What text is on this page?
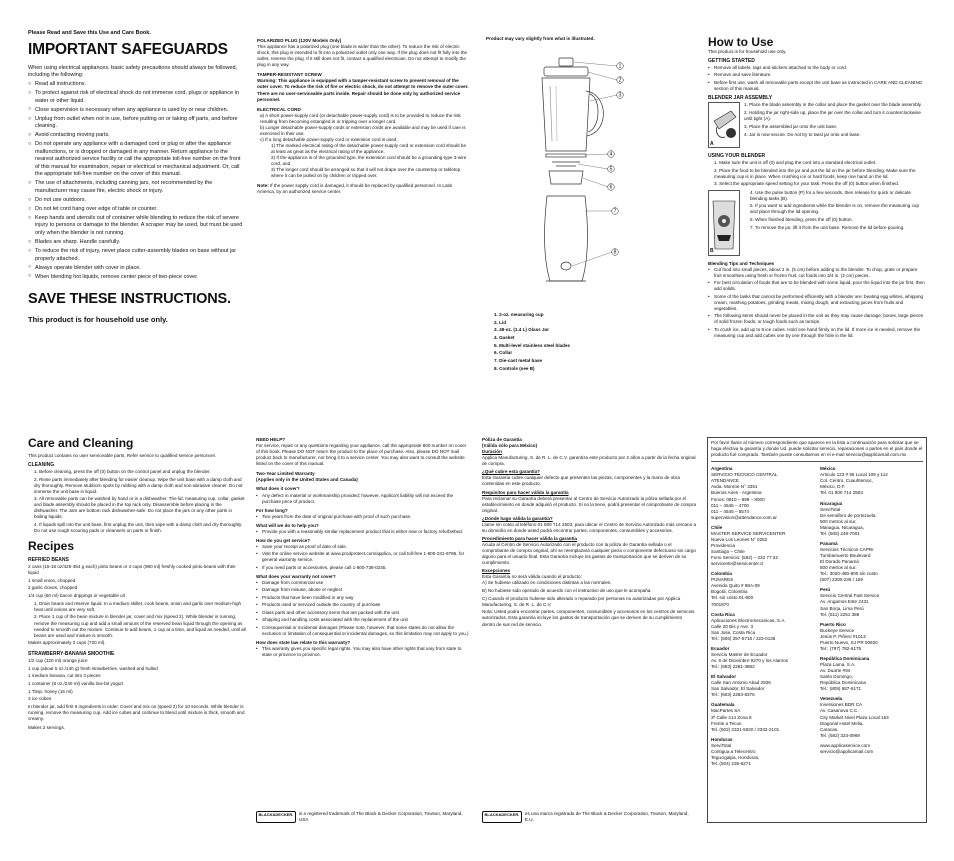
Please Read and Save this Use and Care Book.
IMPORTANT SAFEGUARDS
When using electrical appliances, basic safety precautions should always be followed, including the following:
○ Read all instructions.
○ To protect against risk of electrical shock do not immerse cord, plugs or appliance in water or other liquid.
○ Close supervision is necessary when any appliance is used by or near children.
○ Unplug from outlet when not in use, before putting on or taking off parts, and before cleaning.
○ Avoid contacting moving parts.
○ Do not operate any appliance with a damaged cord or plug or after the appliance malfunctions, or is dropped or damaged in any manner. Return appliance to the nearest authorized service facility or call the appropriate toll-free number on the front of this manual for examination, repair or electrical or mechanical adjustment. Or, call the appropriate toll-free number on the cover of this manual.
○ The use of attachments, including canning jars, not recommended by the manufacturer may cause fire, electric shock or injury.
○ Do not use outdoors.
○ Do not let cord hang over edge of table or counter.
○ Keep hands and utensils out of container while blending to reduce the risk of severe injury to persons or damage to the blender. A scraper may be used, but must be used only when the blender is not running.
○ Blades are sharp. Handle carefully.
○ To reduce the risk of injury, never place cutter-assembly blades on base without jar properly attached.
○ Always operate blender with cover in place.
○ When blending hot liquids, remove center piece of two-piece cover.
SAVE THESE INSTRUCTIONS.
This product is for household use only.
POLARIZED PLUG (120V Models Only)
This appliance has a polarized plug (one blade is wider than the other). To reduce the risk of electric shock, this plug is intended to fit into a polarized outlet only one way. If the plug does not fit fully into the outlet, reverse the plug. If it still does not fit, contact a qualified electrician. Do not attempt to modify the plug in any way.
TAMPER-RESISTANT SCREW
Warning: This appliance is equipped with a tamper-resistant screw to prevent removal of the outer cover. To reduce the risk of fire or electric shock, do not attempt to remove the outer cover. There are no user-serviceable parts inside. Repair should be done only by authorized service personnel.
ELECTRICAL CORD
a) A short power-supply cord (or detachable power-supply cord) is to be provided to reduce the risk resulting from becoming entangled in or tripping over a longer cord.
b) Longer detachable power-supply cords or extension cords are available and may be used if care is exercised in their use.
c) If a long detachable power-supply cord or extension cord is used,
1) The marked electrical rating of the detachable power-supply cord or extension cord should be at least as great as the electrical rating of the appliance,
2) If the appliance is of the grounded type, the extension cord should be a grounding-type 3-wire cord, and
3) The longer cord should be arranged so that it will not drape over the countertop or tabletop where it can be pulled on by children or tripped over.
Note: If the power supply cord is damaged, it should be replaced by qualified personnel. In Latin America, by an authorized service center.
Product may vary slightly from what is illustrated.
1
2
3
4
5
6
7
8
1. 2-oz. measuring cup
2. Lid
3. 48-oz. (1.4 L) Glass Jar
4. Gasket
5. Multi-level stainless steel blades
6. Collar
7. Die-cast metal base
8. Controls (see B)
How to Use
This product is for household use only.
GETTING STARTED
• Remove all labels, tags and stickers attached to the body or cord.
• Remove and save literature.
• Before first use, wash all removable parts except the unit base as instructed in CARE AND CLEANING section of this manual.
BLENDER JAR ASSEMBLY
A
1. Place the blade assembly in the collar and place the gasket over the blade assembly.
2. Holding the jar right-side up, place the jar over the collar and turn it counterclockwise until tight (A).
3. Place the assembled jar onto the unit base.
4. Jar is now secure. Do not try to twist jar onto unit base.
USING YOUR BLENDER
1. Make sure the unit is off (0) and plug the cord into a standard electrical outlet.
2. Place the food to be blended into the jar and put the lid on the jar before blending. Make sure the measuring cup is in place. When crushing ice or hard foods, keep one hand on the lid.
3. Select the appropriate speed setting for your task. Press the off (0) button when finished.
B
4. Use the pulse button (P) for a few seconds, then release for quick or delicate blending tasks (B).
5. If you want to add ingredients while the blender is on, remove the measuring cup and place through the lid opening.
6. When finished blending, press the off (0) button.
7. To remove the jar, lift it from the unit base. Remove the lid before pouring.
Blending Tips and Techniques
• Cut food into small pieces, about 2 in. (5 cm) before adding to the blender. To chop, grate or prepare fruit smoothies using fresh or frozen fruit, cut foods into 3/4 in. (2 cm) pieces.
• For best circulation of foods that are to be blended with some liquid, pour the liquid into the jar first, then add solids.
• Some of the tasks that cannot be performed efficiently with a blender are: beating egg whites, whipping cream, mashing potatoes, grinding meats, mixing dough, and extracting juices from fruits and vegetables.
• The following items should never be placed in the unit as they may cause damage: bones, large pieces of solid frozen foods, or tough foods such as turnips.
• To crush ice, add up to 6 ice cubes. Hold one hand firmly on the lid. If more ice is needed, remove the measuring cup and add cubes one by one through the hole in the lid.
Care and Cleaning
This product contains no user serviceable parts. Refer service to qualified service personnel.
CLEANING
1. Before cleaning, press the off (0) button on the control panel and unplug the blender.
2. Rinse parts immediately after blending for easier cleanup. Wipe the unit base with a damp cloth and dry thoroughly. Remove stubborn spots by rubbing with a damp cloth and non-abrasive cleaner. Do not immerse the unit base in liquid.
3. All removable parts can be washed by hand or in a dishwasher. The lid, measuring cup, collar, gasket and blade assembly should be placed in the top rack only. Disassemble before placing in the dishwasher. The Jars are bottom rack dishwasher-safe. Do not place the jars or any other parts in boiling liquids.
4. If liquids spill into the unit base, first unplug the unit, then wipe with a damp cloth and dry thoroughly. Do not use rough scouring pads or cleansers on parts or finish.
Recipes
REFRIED BEANS
2 cans (15-16 oz/425-454 g each) pinto beans or 4 cups (980 ml) freshly cooked pinto beans with their liquid
1 small onion, chopped
2 garlic cloves, chopped
1/4 cup (60 ml) bacon drippings or vegetable oil
1. Drain beans and reserve liquid. In a medium skillet, cook beans, onion and garlic over medium-high heat until onions are very soft.
2. Place 1 cup of the bean mixture in blender jar, cover and mix (speed 2). While blender is running, remove the measuring cup and add a small amount of the reserved bean liquid through the opening as needed to smooth out the mixture. Continue to add beans, 1 cup at a time, and liquid as needed, until all beans are used and mixture is smooth.
Makes approximately 3 cups (720 ml).
STRAWBERRY-BANANA SMOOTHIE
1/2 cup (120 ml) orange juice
1 cup (about 5 oz./140 g) fresh strawberries, washed and hulled
1 medium banana, cut into 3 pieces
1 container (8 oz./240 ml) vanilla low-fat yogurt
1 Tbsp. honey (15 ml)
3 ice cubes
In blender jar, add first 5 ingredients in order. Cover and mix on (speed 2) for 10 seconds. While blender is running, remove the measuring cup. Add ice cubes and continue to blend until mixture is thick, smooth and creamy.
Makes 2 servings.
NEED HELP?
For service, repair or any questions regarding your appliance, call the appropriate 800 number on cover of this book. Please DO NOT return the product to the place of purchase. Also, please DO NOT mail product back to manufacturer, nor bring it to a service center. You may also want to consult the website listed on the cover of this manual.
Two-Year Limited Warranty
(Applies only in the United States and Canada)
What does it cover?
• Any defect in material or workmanship provided; however, Applica's liability will not exceed the purchase price of product.
For how long?
• Two years from the date of original purchase with proof of such purchase.
What will we do to help you?
• Provide you with a reasonably similar replacement product that is either new or factory refurbished.
How do you get service?
• Save your receipt as proof of date of sale.
• Visit the online service website at www.prodprotect.com/applica, or call toll-free 1-800-231-9786, for general warranty service.
• If you need parts or accessories, please call 1-800-738-0245.
What does your warranty not cover?
• Damage from commercial use
• Damage from misuse, abuse or neglect
• Products that have been modified in any way
• Products used or serviced outside the country of purchase
• Glass parts and other accessory items that are packed with the unit
• Shipping and handling costs associated with the replacement of the unit
• Consequential or incidental damages (Please note, however, that some states do not allow the exclusion or limitation of consequential or incidental damages, so this limitation may not apply to you.)
How does state law relate to this warranty?
• This warranty gives you specific legal rights. You may also have other rights that vary from state to state or province to province.
BLACK&DECKER.	is a registered trademark of The Black & Decker Corporation, Towson, Maryland, USA
Póliza de Garantía
(Válida sólo para México)
Duración
Applica Manufacturing, S. de R. L. de C.V. garantiza este producto por 2 años a partir de la fecha original de compra.
¿Qué cubre esta garantía?
Esta Garantía cubre cualquier defecto que presenten las piezas, componentes y la mano de obra contenidas en este producto.
Requisitos para hacer válida la garantía
Para reclamar su Garantía deberá presentar al Centro de Servicio Autorizado la póliza sellada por el establecimiento en donde adquirió el producto. Si no la tiene, podrá presentar el comprobante de compra original.
¿Donde hago válida la garantía?
Llame sin costo al teléfono 01 800 714 2503, para ubicar el Centro de Servicio Autorizado más cercano a su domicilio en donde usted podrá encontrar partes, componentes, consumibles y accesorios.
Procedimiento para hacer válida la garantía
Acuda al Centro de Servicio Autorizado con el producto con la póliza de Garantía sellada o el comprobante de compra original, ahí se reemplazará cualquier pieza o componente defectuoso sin cargo alguno para el usuario final. Esta Garantía incluye los gastos de transportación que se deriven de su cumplimiento.
Excepciones
Esta Garantía no será válida cuando el producto:
A) Se hubiese utilizado en condiciones distintas a las normales.
B) No hubiese sido operado de acuerdo con el instructivo de uso que le acompaña.
C) Cuando el producto hubiese sido alterado o reparado por personas no autorizadas por Applica Manufacturing, S. de R. L. de C.V.
Nota: Usted podra encontrar partes, componentes, consumibles y accesorios en los centros de servicios autorizados. Esta garantía incluye los gastos de transportación que se deriven de su cumplimiento dentro de sus red de servicio.
BLACK&DECKER.	es una marca registrada de The Black & Decker Corporation, Towson, Maryland, E.U.
Por favor llame al número correspondiente que aparece en la lista a continuación para solicitar que se haga efectiva la garantía y donde Ud. puede solicitar servicio, reparaciones o partes en el país donde el producto fué comprado. También puede consultarnos en el e-mail servicio@applicamail.com.mx
Argentina
SERVICIO TECNICO CENTRAL
ATENDANCE
Avda. Monroe N° 3351
Buenos Aires - Argentina
Fonos: 0810 – 999 – 8000
011 – 4545 – 4700
011 – 4545 – 5574
supervision@attendance.com.ar
Chile
MASTER SERVICE SERVICENTER
Nueva Los Leones N° 0252
Providencia
Santiago – Chile
Fono Servicio: (562) – 232 77 22
servicente@servicenter.cl
Colombia
PUNARES
Avenida Quito # 88A-09
Bogotá, Colombia
Tel. sin costo 01-800
7001870
Costa Rica
Aplicaciones Electromecanicas, S.A.
Calle 20 Bis y Ave. 3
San Jose, Costa Rica
Tel.: (506) 257-5716 / 223-0136
Ecuador
Servicio Master de Ecuador
Av. 6 de Diciembre 9270 y los Alamos
Tel.: (593) 2281-3882
El Salvador
Calle San Antonio Abad 2936
San Salvador, El Salvador
Tel.: (503) 2284-8376
Guatemala
MacPartes SA
3ª Calle 414 Zona 8
Frente a Tecun
Tel. (502) 2331-5020 / 2332-2101
Honduras
ServiTotal
Contigua a Telecentro
Tegucigalpa, Honduras,
Tel. (504) 235-6271
México
Articulo 123 # 95 Local 109 y 112
Col. Centro, Cuauhtemoc,
México, D.F.
Tel. 01 800 714 2503
Nicaragua
ServiTotal
De semáforo de portezuela
500 metros al sur.
Managua, Nicaragua,
Tel. (505) 248-7001
Panamá
Servicios Técnicos CAPRI
Tumbamuerto Boulevard
El Dorado Panamá
500 metros al sur.
Tel.: 3020-480-800 sin costo
(507) 2300-236 / 159
Perú
Servicio Central Fast Service
Av. Angamos Este 2431
San Borja, Lima Perú
Tel. (511) 2251 388
Puerto Rico
Buckeye Service
Jesús P. Piñero #1013
Puerto Nuevo, SJ PR 00920
Tel.: (787) 782-6175
República Dominicana
Plaza Lama, S.A.
Av. Duarte #94
Santo Domingo,
República Dominicana
Tel.: (809) 687-9171
Venezuela
Inversiones BDR CA
Av. Casanova C.C.
City Market Nivel Plaza Local 153
Diagonal Hotel Melia,
Caracas.
Tel. (582) 324-0969
www.applicaservice.com
servicio@applicamail.com
